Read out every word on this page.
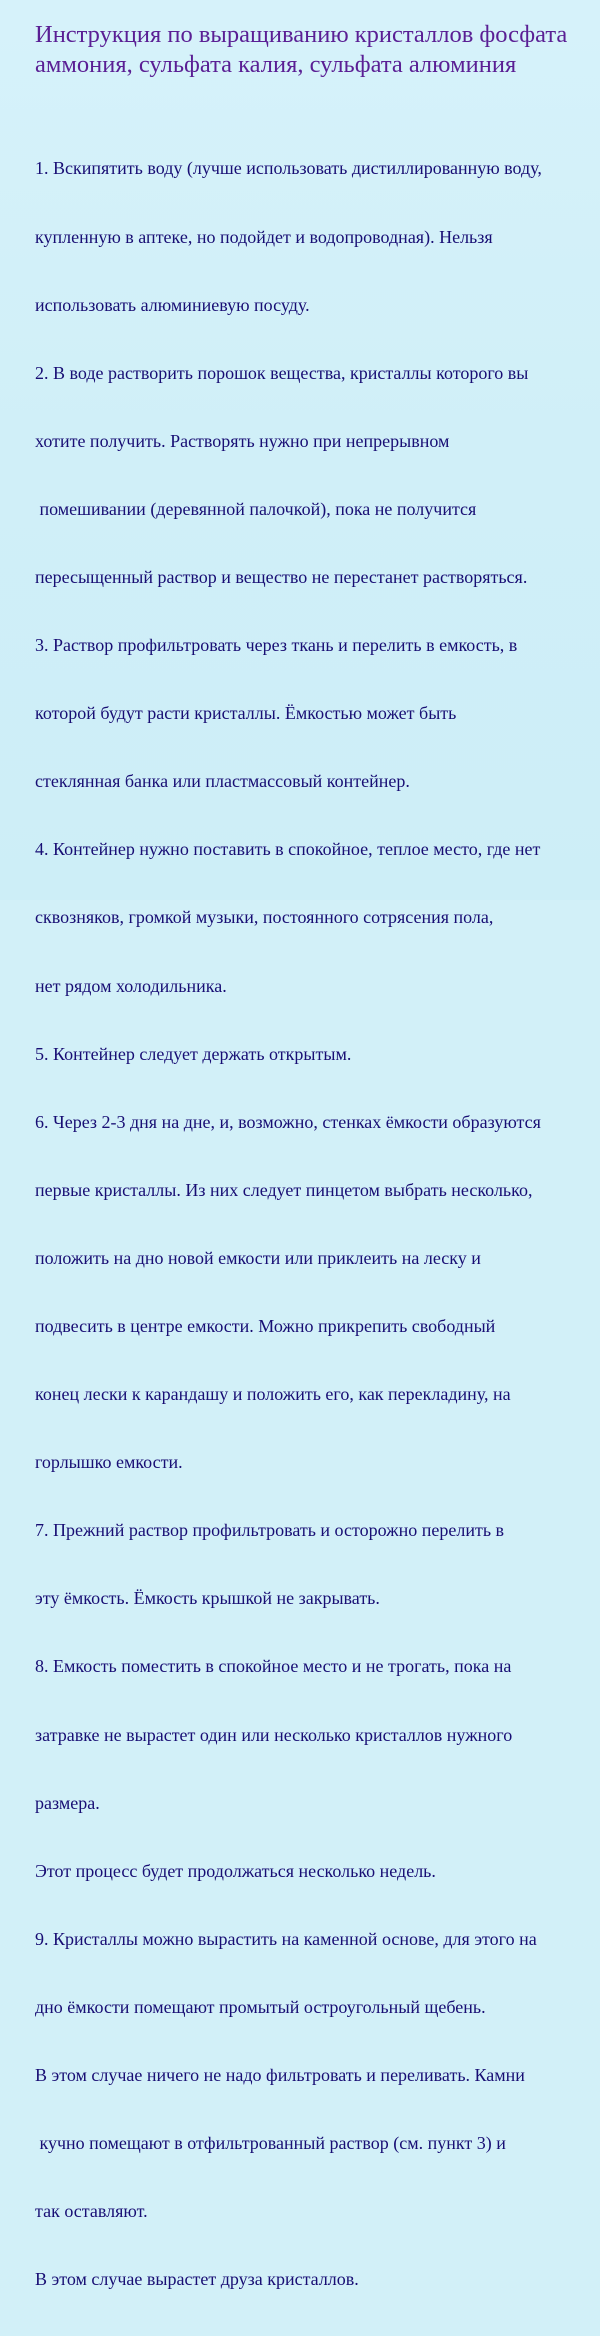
Инструкция по выращиванию кристаллов фосфата
аммония, сульфата калия, сульфата алюминия

1. Вскипятить воду (лучше использовать дистиллированную воду,

купленную в аптеке, но подойдет и водопроводная). Нельзя

использовать алюминиевую посуду.

2. В воде растворить порошок вещества, кристаллы которого вы

хотите получить. Растворять нужно при непрерывном

помешивании (деревянной палочкой), пока не получится

пересыщенный раствор и вещество не перестанет растворяться.

3. Раствор профильтровать через ткань и перелить в емкость, в

которой будут расти кристаллы. Ёмкостью может быть

стеклянная банка или пластмассовый контейнер.

4. Контейнер нужно поставить в спокойное, теплое место, где нет

сквозняков, громкой музыки, постоянного сотрясения пола,

нет рядом холодильника.

5. Контейнер следует держать открытым.

6. Через 2-3 дня на дне, и, возможно, стенках ёмкости образуются

первые кристаллы. Из них следует пинцетом выбрать несколько,

положить на дно новой емкости или приклеить на леску и

подвесить в центре емкости. Можно прикрепить свободный

конец лески к карандашу и положить его, как перекладину, на

горлышко емкости.

7. Прежний раствор профильтровать и осторожно перелить в

эту ёмкость. Ёмкость крышкой не закрывать.

8. Емкость поместить в спокойное место и не трогать, пока на

затравке не вырастет один или несколько кристаллов нужного

размера.

Этот процесс будет продолжаться несколько недель.

9. Кристаллы можно вырастить на каменной основе, для этого на

дно ёмкости помещают промытый остроугольный щебень.

В этом случае ничего не надо фильтровать и переливать. Камни

кучно помещают в отфильтрованный раствор (см. пункт 3) и

так оставляют.

В этом случае вырастет друза кристаллов.
